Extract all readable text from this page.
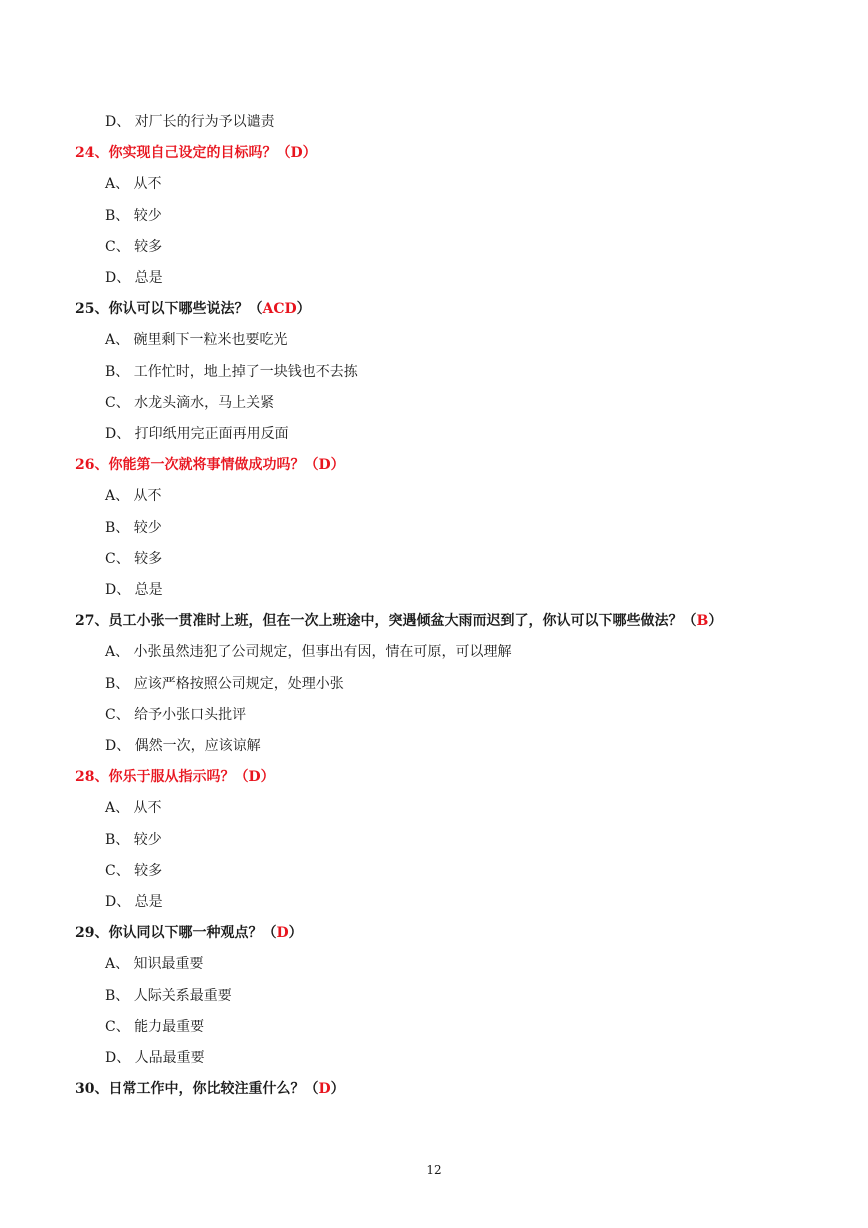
D、 对厂长的行为予以谴责
24、你实现自己设定的目标吗？（D）
A、 从不
B、 较少
C、 较多
D、 总是
25、你认可以下哪些说法？（ACD）
A、 碗里剩下一粒米也要吃光
B、 工作忙时，地上掉了一块钱也不去拣
C、 水龙头滴水，马上关紧
D、 打印纸用完正面再用反面
26、你能第一次就将事情做成功吗？（D）
A、 从不
B、 较少
C、 较多
D、 总是
27、员工小张一贯准时上班，但在一次上班途中，突遇倾盆大雨而迟到了，你认可以下哪些做法？（B）
A、 小张虽然违犯了公司规定，但事出有因，情在可原，可以理解
B、 应该严格按照公司规定，处理小张
C、 给予小张口头批评
D、 偶然一次，应该谅解
28、你乐于服从指示吗？（D）
A、 从不
B、 较少
C、 较多
D、 总是
29、你认同以下哪一种观点？（D）
A、 知识最重要
B、 人际关系最重要
C、 能力最重要
D、 人品最重要
30、日常工作中，你比较注重什么？（D）
12
